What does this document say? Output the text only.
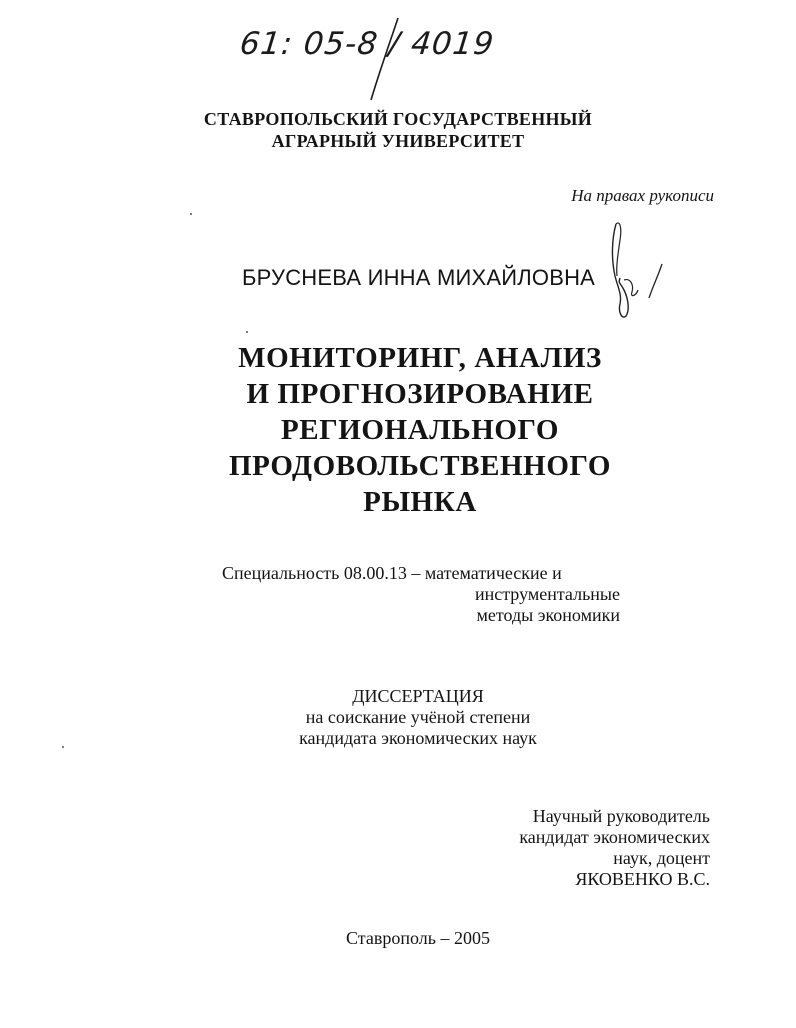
61: 05-8 / 4019
СТАВРОПОЛЬСКИЙ ГОСУДАРСТВЕННЫЙ
АГРАРНЫЙ УНИВЕРСИТЕТ
На правах рукописи
БРУСНЕВА ИННА МИХАЙЛОВНА
МОНИТОРИНГ, АНАЛИЗ
И ПРОГНОЗИРОВАНИЕ
РЕГИОНАЛЬНОГО
ПРОДОВОЛЬСТВЕННОГО
РЫНКА
Специальность 08.00.13 – математические и
инструментальные
методы экономики
ДИССЕРТАЦИЯ
на соискание учёной степени
кандидата экономических наук
Научный руководитель
кандидат экономических
наук, доцент
ЯКОВЕНКО В.С.
Ставрополь – 2005
